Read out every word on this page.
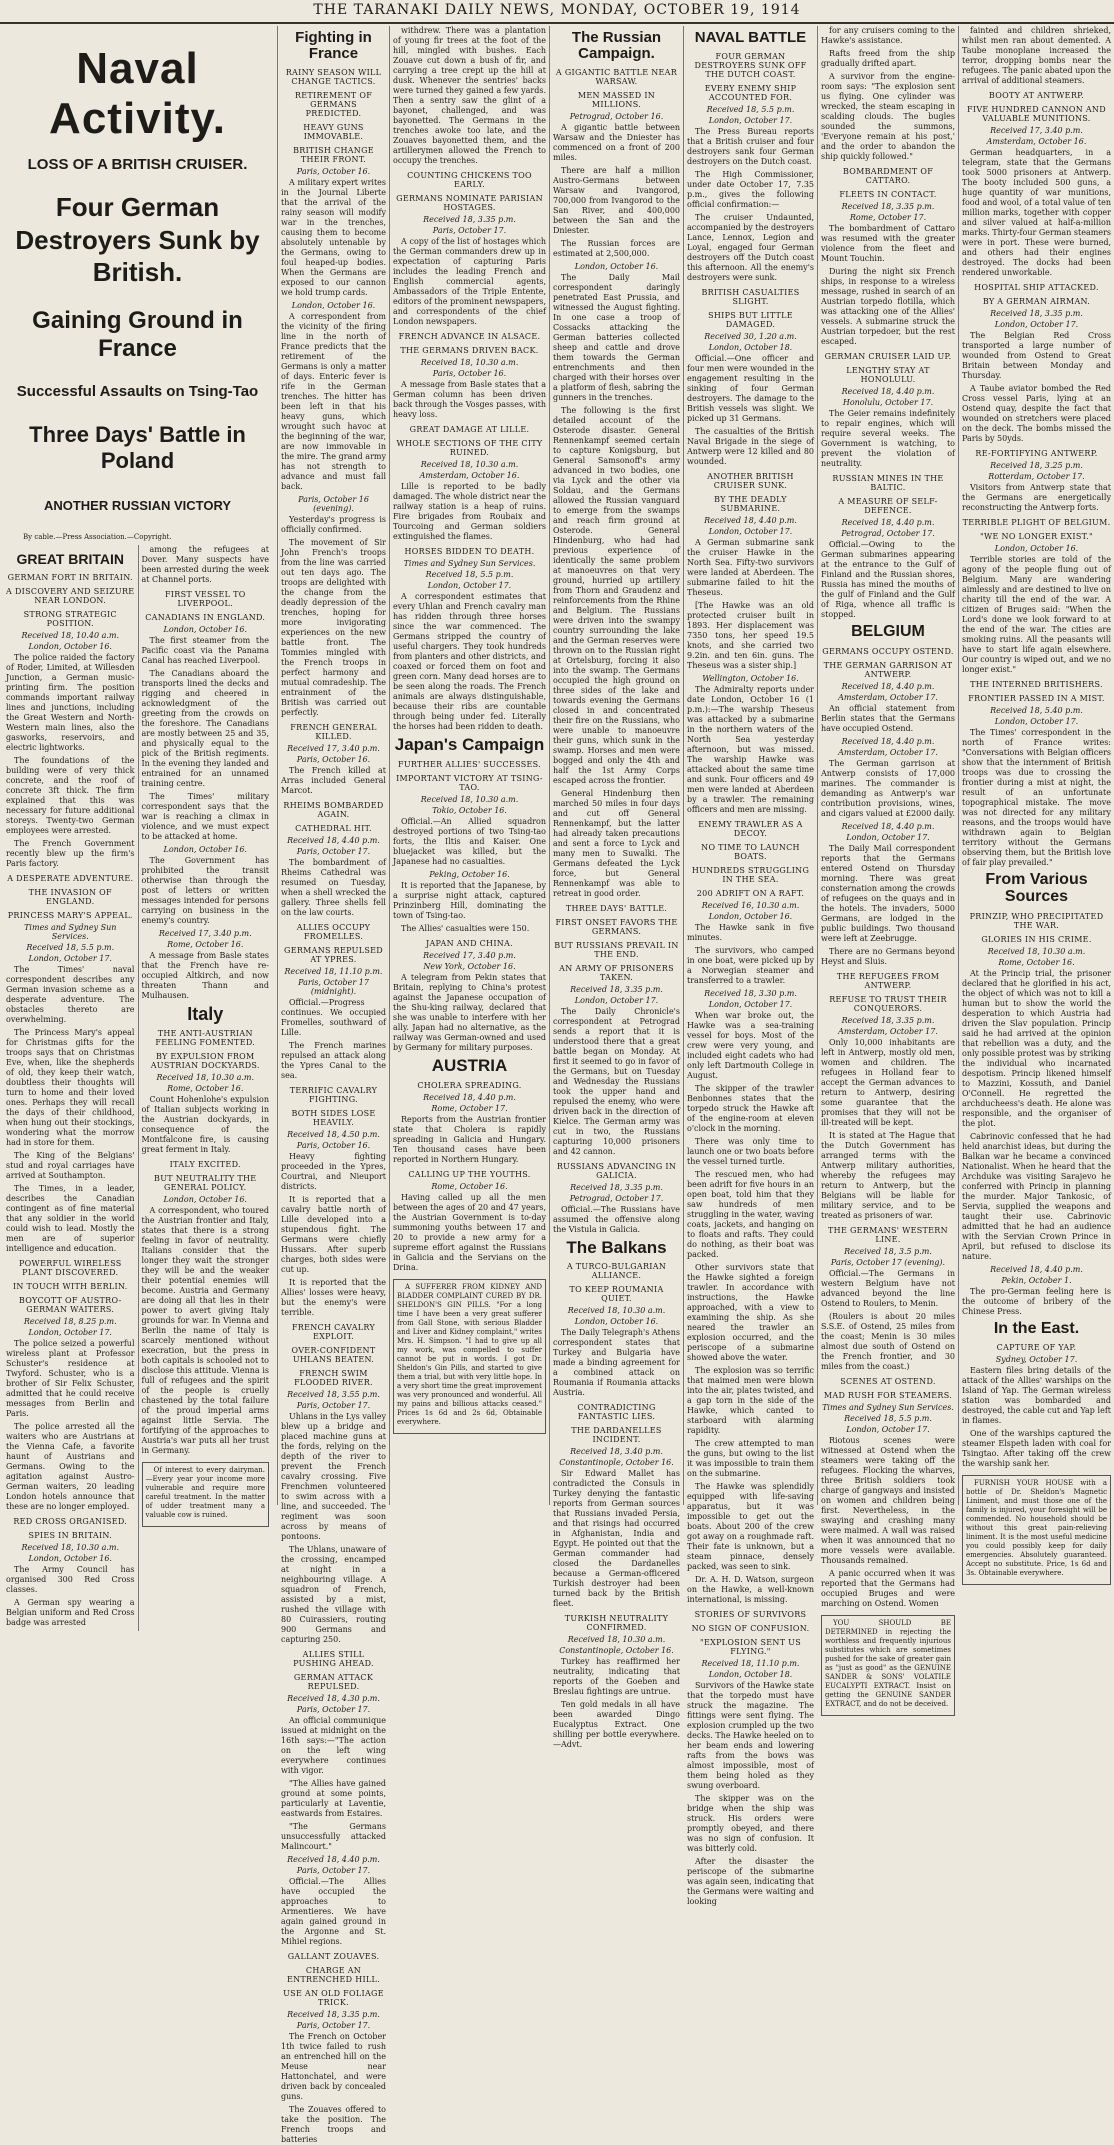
THE TARANAKI DAILY NEWS, MONDAY, OCTOBER 19, 1914
Naval Activity.
LOSS OF A BRITISH CRUISER.
Four German Destroyers Sunk by British.
Gaining Ground in France
Successful Assaults on Tsing-Tao
Three Days' Battle in Poland
ANOTHER RUSSIAN VICTORY
By cable.—Press Association.—Copyright.
GREAT BRITAIN
GERMAN FORT IN BRITAIN.
A DISCOVERY AND SEIZURE NEAR LONDON.
STRONG STRATEGIC POSITION.
Received 18, 10.40 a.m.
London, October 16.

The police raided the factory of Roder, Limited, at Willesden Junction, a German music-printing firm. The position commands important railway lines and junctions, including the Great Western and North-Western main lines, also the gasworks, reservoirs, and electric lightworks.

The foundations of the building were of very thick concrete, and the roof of concrete 3ft thick. The firm explained that this was necessary for future additional storeys. Twenty-two German employees were arrested.

The French Government recently blew up the firm's Paris factory.

A DESPERATE ADVENTURE.
THE INVASION OF ENGLAND.
PRINCESS MARY'S APPEAL.
Times and Sydney Sun Services.
Received 18, 5.5 p.m.
London, October 17.

The Times' naval correspondent describes any German invasion scheme as a desperate adventure. The obstacles thereto are overwhelming.

The Princess Mary's appeal for Christmas gifts for the troops says that on Christmas Eve, when, like the shepherds of old, they keep their watch, doubtless their thoughts will turn to home and their loved ones. Perhaps they will recall the days of their childhood, when hung out their stockings, wondering what the morrow had in store for them.

The King of the Belgians' stud and royal carriages have arrived at Southampton.

The Times, in a leader, describes the Canadian contingent as of fine material that any soldier in the world could wish to lead. Mostly the men are of superior intelligence and education.

POWERFUL WIRELESS PLANT DISCOVERED.
IN TOUCH WITH BERLIN.
BOYCOTT OF AUSTRO-GERMAN WAITERS.
Received 18, 8.25 p.m.
London, October 17.

The police seized a powerful wireless plant at Professor Schuster's residence at Twyford. Schuster, who is a brother of Sir Felix Schuster, admitted that he could receive messages from Berlin and Paris.

The police arrested all the waiters who are Austrians at the Vienna Cafe, a favorite haunt of Austrians and Germans. Owing to the agitation against Austro-German waiters, 20 leading London hotels announce that these are no longer employed.

RED CROSS ORGANISED.
SPIES IN BRITAIN.
Received 18, 10.30 a.m.
London, October 16.

The Army Council has organised 300 Red Cross classes.

A German spy wearing a Belgian uniform and Red Cross badge was arrested

among the refugees at Dover. Many suspects have been arrested during the week at Channel ports.

FIRST VESSEL TO LIVERPOOL.
CANADIANS IN ENGLAND.
London, October 16.

The first steamer from the Pacific coast via the Panama Canal has reached Liverpool.

The Canadians aboard the transports lined the decks and rigging and cheered in acknowledgment of the greeting from the crowds on the foreshore. The Canadians are mostly between 25 and 35, and physically equal to the pick of the British regiments. In the evening they landed and entrained for an unnamed training centre.

The Times' military correspondent says that the war is reaching a climax in violence, and we must expect to be attacked at home.

London, October 16.

The Government has prohibited the transit otherwise than through the post of letters or written messages intended for persons carrying on business in the enemy's country.

Received 17, 3.40 p.m.
Rome, October 16.

A message from Basle states that the French have re-occupied Altkirch, and now threaten Thann and Mulhausen.

Italy
THE ANTI-AUSTRIAN FEELING FOMENTED.
BY EXPULSION FROM AUSTRIAN DOCKYARDS.
Received 18, 10.30 a.m.
Rome, October 16.

Count Hohenlohe's expulsion of Italian subjects working in the Austrian dockyards, in consequence of the Montfalcone fire, is causing great ferment in Italy.

ITALY EXCITED.
BUT NEUTRALITY THE GENERAL POLICY.
London, October 16.

A correspondent, who toured the Austrian frontier and Italy, states that there is a strong feeling in favor of neutrality. Italians consider that the longer they wait the stronger they will be and the weaker their potential enemies will become. Austria and Germany are doing all that lies in their power to avert giving Italy grounds for war. In Vienna and Berlin the name of Italy is scarcely mentioned without execration, but the press in both capitals is schooled not to disclose this attitude. Vienna is full of refugees and the spirit of the people is cruelly chastened by the total failure of the proud imperial arms against little Servia. The fortifying of the approaches to Austria's war puts all her trust in Germany.

Of interest to every dairyman.—Every year your income more vulnerable and require more careful treatment. In the matter of udder treatment many a valuable cow is ruined.

Fighting in France
RAINY SEASON WILL CHANGE TACTICS.
RETIREMENT OF GERMANS PREDICTED.
HEAVY GUNS IMMOVABLE.
BRITISH CHANGE THEIR FRONT.
Paris, October 16.

A military expert writes in the Journal Liberte that the arrival of the rainy season will modify war in the trenches, causing them to become absolutely untenable by the Germans, owing to foul heaped-up bodies. When the Germans are exposed to our cannon we hold trump cards.

London, October 16.

A correspondent from the vicinity of the firing line in the north of France predicts that the retirement of the Germans is only a matter of days. Enteric fever is rife in the German trenches. The hitter has been left in that his heavy guns, which wrought such havoc at the beginning of the war, are now immovable in the mire. The grand army has not strength to advance and must fall back.

Paris, October 16 (evening).

Yesterday's progress is officially confirmed.

The movement of Sir John French's troops from the line was carried out ten days ago. The troops are delighted with the change from the deadly depression of the trenches, hoping for more invigorating experiences on the new battle front. The Tommies mingled with the French troops in perfect harmony and mutual comradeship. The entrainment of the British was carried out perfectly.

FRENCH GENERAL KILLED.
Received 17, 3.40 p.m.
Paris, October 16.

The French killed at Arras included General Marcot.

RHEIMS BOMBARDED AGAIN.
CATHEDRAL HIT.
Received 18, 4.40 p.m.
Paris, October 17.

The bombardment of Rheims Cathedral was resumed on Tuesday, when a shell wrecked the gallery. Three shells fell on the law courts.

ALLIES OCCUPY FROMELLES.
GERMANS REPULSED AT YPRES.
Received 18, 11.10 p.m.
Paris, October 17 (midnight).

Official.—Progress continues. We occupied Fromelles, southward of Lille.

The French marines repulsed an attack along the Ypres Canal to the sea.

TERRIFIC CAVALRY FIGHTING.
BOTH SIDES LOSE HEAVILY.
Received 18, 4.50 p.m.
Paris, October 16.

Heavy fighting proceeded in the Ypres, Courtrai, and Nieuport districts.

It is reported that a cavalry battle north of Lille developed into a stupendous fight. The Germans were chiefly Hussars. After superb charges, both sides were cut up.

It is reported that the Allies' losses were heavy, but the enemy's were terrible.

FRENCH CAVALRY EXPLOIT.
OVER-CONFIDENT UHLANS BEATEN.
FRENCH SWIM FLOODED RIVER.
Received 18, 3.55 p.m.
Paris, October 17.

Uhlans in the Lys valley blew up a bridge and placed machine guns at the fords, relying on the depth of the river to prevent the French cavalry crossing. Five Frenchmen volunteered to swim across with a line, and succeeded. The regiment was soon across by means of pontoons.

The Uhlans, unaware of the crossing, encamped at night in a neighbouring village. A squadron of French, assisted by a mist, rushed the village with 80 Cuirassiers, routing 900 Germans and capturing 250.

ALLIES STILL PUSHING AHEAD.
GERMAN ATTACK REPULSED.
Received 18, 4.30 p.m.
Paris, October 17.

An official communique issued at midnight on the 16th says:—"The action on the left wing everywhere continues with vigor.

"The Allies have gained ground at some points, particularly at Laventie, eastwards from Estaires.

"The Germans unsuccessfully attacked Malincourt."

Received 18, 4.40 p.m.
Paris, October 17.

Official.—The Allies have occupied the approaches to Armentieres. We have again gained ground in the Argonne and St. Mihiel regions.

GALLANT ZOUAVES.
CHARGE AN ENTRENCHED HILL.
USE AN OLD FOLIAGE TRICK.
Received 18, 3.35 p.m.
Paris, October 17.

The French on October 1th twice failed to rush an entrenched hill on the Meuse near Hattonchatel, and were driven back by concealed guns.

The Zouaves offered to take the position. The French troops and batteries

withdrew. There was a plantation of young fir trees at the foot of the hill, mingled with bushes. Each Zouave cut down a bush of fir, and carrying a tree crept up the hill at dusk. Whenever the sentries' backs were turned they gained a few yards. Then a sentry saw the glint of a bayonet, challenged, and was bayonetted. The Germans in the trenches awoke too late, and the Zouaves bayonetted them, and the artillerymen allowed the French to occupy the trenches.

COUNTING CHICKENS TOO EARLY.
GERMANS NOMINATE PARISIAN HOSTAGES.
Received 18, 3.35 p.m.
Paris, October 17.

A copy of the list of hostages which the German commanders drew up in expectation of capturing Paris includes the leading French and English commercial agents, Ambassadors of the Triple Entente, editors of the prominent newspapers, and correspondents of the chief London newspapers.

FRENCH ADVANCE IN ALSACE.
THE GERMANS DRIVEN BACK.
Received 18, 10.30 a.m.
Paris, October 16.

A message from Basle states that a German column has been driven back through the Vosges passes, with heavy loss.

GREAT DAMAGE AT LILLE.
WHOLE SECTIONS OF THE CITY RUINED.
Received 18, 10.30 a.m.
Amsterdam, October 16.

Lille is reported to be badly damaged. The whole district near the railway station is a heap of ruins. Fire brigades from Roubaix and Tourcoing and German soldiers extinguished the flames.

HORSES BIDDEN TO DEATH.
Times and Sydney Sun Services.
Received 18, 5.5 p.m.
London, October 17.

A correspondent estimates that every Uhlan and French cavalry man has ridden through three horses since the war commenced. The Germans stripped the country of useful chargers. They took hundreds from planters and other districts, and coaxed or forced them on foot and green corn. Many dead horses are to be seen along the roads. The French animals are always distinguishable, because their ribs are countable through being under fed. Literally the horses had been ridden to death.

Japan's Campaign
FURTHER ALLIES' SUCCESSES.
IMPORTANT VICTORY AT TSING-TAO.
Received 18, 10.30 a.m.
Tokio, October 16.

Official.—An Allied squadron destroyed portions of two Tsing-tao forts, the Iltis and Kaiser. One bluejacket was killed, but the Japanese had no casualties.

Peking, October 16.

It is reported that the Japanese, by a surprise night attack, captured Prinzinberg Hill, dominating the town of Tsing-tao.

The Allies' casualties were 150.

JAPAN AND CHINA.
Received 17, 3.40 p.m.
New York, October 16.

A telegram from Pekin states that Britain, replying to China's protest against the Japanese occupation of the Shu-king railway, declared that she was unable to interfere with her ally. Japan had no alternative, as the railway was German-owned and used by Germany for military purposes.

AUSTRIA
CHOLERA SPREADING.
Received 18, 4.40 p.m.
Rome, October 17.

Reports from the Austrian frontier state that Cholera is rapidly spreading in Galicia and Hungary. Ten thousand cases have been reported in Northern Hungary.

CALLING UP THE YOUTHS.
Rome, October 16.

Having called up all the men between the ages of 20 and 47 years, the Austrian Government is to-day summoning youths between 17 and 20 to provide a new army for a supreme effort against the Russians in Galicia and the Servians on the Drina.

A SUFFERER FROM KIDNEY AND BLADDER COMPLAINT CURED BY DR. SHELDON'S GIN PILLS. "For a long time I have been a very great sufferer from Gall Stone, with serious Bladder and Liver and Kidney complaint," writes Mrs. H. Simpson. "I had to give up all my work, was compelled to suffer cannot be put in words. I got Dr. Sheldon's Gin Pills, and started to give them a trial, but with very little hope. In a very short time the great improvement was very pronounced and wonderful. All my pains and billious attacks ceased." Prices 1s 6d and 2s 6d, Obtainable everywhere.

The Russian Campaign.
A GIGANTIC BATTLE NEAR WARSAW.
MEN MASSED IN MILLIONS.
Petrograd, October 16.

A gigantic battle between Warsaw and the Dniester has commenced on a front of 200 miles.

There are half a million Austro-Germans between Warsaw and Ivangorod, 700,000 from Ivangorod to the San River, and 400,000 between the San and the Dniester.

The Russian forces are estimated at 2,500,000.

London, October 16.

The Daily Mail correspondent daringly penetrated East Prussia, and witnessed the August fighting. In one case a troop of Cossacks attacking the German batteries collected sheep and cattle and drove them towards the German entrenchments and then charged with their horses over a platform of flesh, sabring the gunners in the trenches.

The following is the first detailed account of the Osterode disaster. General Rennenkampf seemed certain to capture Konigsburg, but General Samsonoff's army advanced in two bodies, one via Lyck and the other via Soldau, and the Germans allowed the Russian vanguard to emerge from the swamps and reach firm ground at Osterode. General Hindenburg, who had had previous experience of identically the same problem at manoeuvres on that very ground, hurried up artillery from Thorn and Graudenz and reinforcements from the Rhine and Belgium. The Russians were driven into the swampy country surrounding the lake and the German reserves were thrown on to the Russian right at Ortelsburg, forcing it also into the swamp. The Germans occupied the high ground on three sides of the lake and towards evening the Germans closed in and concentrated their fire on the Russians, who were unable to manoeuvre their guns, which sunk in the swamp. Horses and men were bogged and only the 4th and half the 1st Army Corps escaped across the frontier.

General Hindenburg then marched 50 miles in four days and cut off General Rennenkampf, but the latter had already taken precautions and sent a force to Lyck and many men to Suwalki. The Germans defeated the Lyck force, but General Rennenkampf was able to retreat in good order.

THREE DAYS' BATTLE.
FIRST ONSET FAVORS THE GERMANS.
BUT RUSSIANS PREVAIL IN THE END.
AN ARMY OF PRISONERS TAKEN.
Received 18, 3.35 p.m.
London, October 17.

The Daily Chronicle's correspondent at Petrograd sends a report that it is understood there that a great battle began on Monday. At first it seemed to go in favor of the Germans, but on Tuesday and Wednesday the Russians took the upper hand and repulsed the enemy, who were driven back in the direction of Kielce. The German army was cut in two, the Russians capturing 10,000 prisoners and 42 cannon.

RUSSIANS ADVANCING IN GALICIA.
Received 18, 3.35 p.m.
Petrograd, October 17.

Official.—The Russians have assumed the offensive along the Vistula in Galicia.

The Balkans
A TURCO-BULGARIAN ALLIANCE.
TO KEEP ROUMANIA QUIET.
Received 18, 10.30 a.m.
London, October 16.

The Daily Telegraph's Athens correspondent states that Turkey and Bulgaria have made a binding agreement for a combined attack on Roumania if Roumania attacks Austria.

CONTRADICTING FANTASTIC LIES.
THE DARDANELLES INCIDENT.
Received 18, 3.40 p.m.
Constantinople, October 16.

Sir Edward Mallet has contradicted the Consuls in Turkey denying the fantastic reports from German sources that Russians invaded Persia, and that risings had occurred in Afghanistan, India and Egypt. He pointed out that the German commander had closed the Dardanelles because a German-officered Turkish destroyer had been turned back by the British fleet.

TURKISH NEUTRALITY CONFIRMED.
Received 18, 10.30 a.m.
Constantinople, October 16.

Turkey has reaffirmed her neutrality, indicating that reports of the Goeben and Breslau fightings are untrue.

Ten gold medals in all have been awarded Dingo Eucalyptus Extract. One shilling per bottle everywhere.—Advt.

NAVAL BATTLE
FOUR GERMAN DESTROYERS SUNK OFF THE DUTCH COAST.
EVERY ENEMY SHIP ACCOUNTED FOR.
Received 18, 5.5 p.m.
London, October 17.

The Press Bureau reports that a British cruiser and four destroyers sank four German destroyers on the Dutch coast.

The High Commissioner, under date October 17, 7.35 p.m., gives the following official confirmation:—

The cruiser Undaunted, accompanied by the destroyers Lance, Lennox, Legion and Loyal, engaged four German destroyers off the Dutch coast this afternoon. All the enemy's destroyers were sunk.

BRITISH CASUALTIES SLIGHT.
SHIPS BUT LITTLE DAMAGED.
Received 30, 1.20 a.m.
London, October 18.

Official.—One officer and four men were wounded in the engagement resulting in the sinking of four German destroyers. The damage to the British vessels was slight. We picked up 31 Germans.

The casualties of the British Naval Brigade in the siege of Antwerp were 12 killed and 80 wounded.

ANOTHER BRITISH CRUISER SUNK.
BY THE DEADLY SUBMARINE.
Received 18, 4.40 p.m.
London, October 17.

A German submarine sank the cruiser Hawke in the North Sea. Fifty-two survivors were landed at Aberdeen. The submarine failed to hit the Theseus.

[The Hawke was an old protected cruiser built in 1893. Her displacement was 7350 tons, her speed 19.5 knots, and she carried two 9.2in. and ten 6in. guns. The Theseus was a sister ship.]

Wellington, October 16.

The Admiralty reports under date London, October 16 (1 p.m.):—The warship Theseus was attacked by a submarine in the northern waters of the North Sea yesterday afternoon, but was missed. The warship Hawke was attacked about the same time and sunk. Four officers and 49 men were landed at Aberdeen by a trawler. The remaining officers and men are missing.

ENEMY TRAWLER AS A DECOY.
NO TIME TO LAUNCH BOATS.
HUNDREDS STRUGGLING IN THE SEA.
200 ADRIFT ON A RAFT.
Received 16, 10.30 a.m.
London, October 16.

The Hawke sank in five minutes.

The survivors, who camped in one boat, were picked up by a Norwegian steamer and transferred to a trawler.

Received 18, 3.30 p.m.
London, October 17.

When war broke out, the Hawke was a sea-training vessel for boys. Most of the crew were very young, and included eight cadets who had only left Dartmouth College in August.

The skipper of the trawler Benbonnes states that the torpedo struck the Hawke aft of the engine-room at eleven o'clock in the morning.

There was only time to launch one or two boats before the vessel turned turtle.

The rescued men, who had been adrift for five hours in an open boat, told him that they saw hundreds of men struggling in the water, waving coats, jackets, and hanging on to floats and rafts. They could do nothing, as their boat was packed.

Other survivors state that the Hawke sighted a foreign trawler. In accordance with instructions, the Hawke approached, with a view to examining the ship. As she neared the trawler an explosion occurred, and the periscope of a submarine showed above the water.

The explosion was so terrific that maimed men were blown into the air, plates twisted, and a gap torn in the side of the Hawke, which canted to starboard with alarming rapidity.

The crew attempted to man the guns, but owing to the list it was impossible to train them on the submarine.

The Hawke was splendidly equipped with life-saving apparatus, but it was impossible to get out the boats. About 200 of the crew got away on a roughmade raft. Their fate is unknown, but a steam pinnace, densely packed, was seen to sink.

Dr. A. H. D. Watson, surgeon on the Hawke, a well-known international, is missing.

STORIES OF SURVIVORS
NO SIGN OF CONFUSION.
"EXPLOSION SENT US FLYING."
Received 18, 11.10 p.m.
London, October 18.

Survivors of the Hawke state that the torpedo must have struck the magazine. The fittings were sent flying. The explosion crumpled up the two decks. The Hawke heeled on to her beam ends and lowering rafts from the bows was almost impossible, most of them being holed as they swung overboard.

The skipper was on the bridge when the ship was struck. His orders were promptly obeyed, and there was no sign of confusion. It was bitterly cold.

After the disaster the periscope of the submarine was again seen, indicating that the Germans were waiting and looking

for any cruisers coming to the Hawke's assistance.

Rafts freed from the ship gradually drifted apart.

A survivor from the engine-room says: "The explosion sent us flying. One cylinder was wrecked, the steam escaping in scalding clouds. The bugles sounded the summons, 'Everyone remain at his post,' and the order to abandon the ship quickly followed."

BOMBARDMENT OF CATTARO.
FLEETS IN CONTACT.
Received 18, 3.35 p.m.
Rome, October 17.

The bombardment of Cattaro was resumed with the greater violence from the fleet and Mount Touchin.

During the night six French ships, in response to a wireless message, rushed in search of an Austrian torpedo flotilla, which was attacking one of the Allies' vessels. A submarine struck the Austrian torpedoer, but the rest escaped.

GERMAN CRUISER LAID UP.
LENGTHY STAY AT HONOLULU.
Received 18, 4.40 p.m.
Honolulu, October 17.

The Geier remains indefinitely to repair engines, which will require several weeks. The Government is watching, to prevent the violation of neutrality.

RUSSIAN MINES IN THE BALTIC.
A MEASURE OF SELF-DEFENCE.
Received 18, 4.40 p.m.
Petrograd, October 17.

Official.—Owing to the German submarines appearing at the entrance to the Gulf of Finland and the Russian shores, Russia has mined the mouths of the gulf of Finland and the Gulf of Riga, whence all traffic is stopped.

BELGIUM
GERMANS OCCUPY OSTEND.
THE GERMAN GARRISON AT ANTWERP.
Received 18, 4.40 p.m.
Amsterdam, October 17.

An official statement from Berlin states that the Germans have occupied Ostend.

Received 18, 4.40 p.m.
Amsterdam, October 17.

The German garrison at Antwerp consists of 17,000 marines. The commander is demanding as Antwerp's war contribution provisions, wines, and cigars valued at £2000 daily.

Received 18, 4.40 p.m.
London, October 17.

The Daily Mail correspondent reports that the Germans entered Ostend on Thursday morning. There was great consternation among the crowds of refugees on the quays and in the hotels. The invaders, 5000 Germans, are lodged in the public buildings. Two thousand were left at Zeebrugge.

There are no Germans beyond Heyst and Sluis.

THE REFUGEES FROM ANTWERP.
REFUSE TO TRUST THEIR CONQUERORS.
Received 18, 3.35 p.m.
Amsterdam, October 17.

Only 10,000 inhabitants are left in Antwerp, mostly old men, women and children. The refugees in Holland fear to accept the German advances to return to Antwerp, desiring some guarantee that the promises that they will not be ill-treated will be kept.

It is stated at The Hague that the Dutch Government has arranged terms with the Antwerp military authorities, whereby the refugees may return to Antwerp, but the Belgians will be liable for military service, and to be treated as prisoners of war.

THE GERMANS' WESTERN LINE.
Received 18, 3.5 p.m.
Paris, October 17 (evening).

Official.—The Germans in western Belgium have not advanced beyond the line Ostend to Roulers, to Menin.

(Roulers is about 20 miles S.S.E. of Ostend, 25 miles from the coast; Menin is 30 miles almost due south of Ostend on the French frontier, and 30 miles from the coast.)

SCENES AT OSTEND.
MAD RUSH FOR STEAMERS.
Times and Sydney Sun Services.
Received 18, 5.5 p.m.
London, October 17.

Riotous scenes were witnessed at Ostend when the steamers were taking off the refugees. Flocking the wharves, three British soldiers took charge of gangways and insisted on women and children being first. Nevertheless, in the swaying and crashing many were maimed. A wall was raised when it was announced that no more vessels were available. Thousands remained.

A panic occurred when it was reported that the Germans had occupied Bruges and were marching on Ostend. Women

YOU SHOULD BE DETERMINED in rejecting the worthless and frequently injurious substitutes which are sometimes pushed for the sake of greater gain as "just as good" as the GENUINE SANDER & SONS' VOLATILE EUCALYPTI EXTRACT. Insist on getting the GENUINE SANDER EXTRACT, and do not be deceived.

fainted and children shrieked, whilst men ran about demented. A Taube monoplane increased the terror, dropping bombs near the refugees. The panic abated upon the arrival of additional steamers.

BOOTY AT ANTWERP.
FIVE HUNDRED CANNON AND VALUABLE MUNITIONS.
Received 17, 3.40 p.m.
Amsterdam, October 16.

German headquarters, in a telegram, state that the Germans took 5000 prisoners at Antwerp. The booty included 500 guns, a huge quantity of war munitions, food and wool, of a total value of ten million marks, together with copper and silver valued at half-a-million marks. Thirty-four German steamers were in port. These were burned, and others had their engines destroyed. The docks had been rendered unworkable.

HOSPITAL SHIP ATTACKED.
BY A GERMAN AIRMAN.
Received 18, 3.35 p.m.
London, October 17.

The Belgian Red Cross transported a large number of wounded from Ostend to Great Britain between Monday and Thursday.

A Taube aviator bombed the Red Cross vessel Paris, lying at an Ostend quay, despite the fact that wounded on stretchers were placed on the deck. The bombs missed the Paris by 50yds.

RE-FORTIFYING ANTWERP.
Received 18, 3.25 p.m.
Rotterdam, October 17.

Visitors from Antwerp state that the Germans are energetically reconstructing the Antwerp forts.

TERRIBLE PLIGHT OF BELGIUM.
"WE NO LONGER EXIST."
London, October 16.

Terrible stories are told of the agony of the people flung out of Belgium. Many are wandering aimlessly and are destined to live on charity till the end of the war. A citizen of Bruges said: "When the Lord's done we look forward to at the end of the war. The cities are smoking ruins. All the peasants will have to start life again elsewhere. Our country is wiped out, and we no longer exist."

THE INTERNED BRITISHERS.
FRONTIER PASSED IN A MIST.
Received 18, 5.40 p.m.
London, October 17.

The Times' correspondent in the north of France writes: "Conversations with Belgian officers show that the internment of British troops was due to crossing the frontier during a mist at night, the result of an unfortunate topographical mistake. The move was not directed for any military reasons, and the troops would have withdrawn again to Belgian territory without the Germans observing them, but the British love of fair play prevailed."

From Various Sources
PRINZIP, WHO PRECIPITATED THE WAR.
GLORIES IN HIS CRIME.
Received 18, 10.30 a.m.
Rome, October 16.

At the Princip trial, the prisoner declared that he glorified in his act, the object of which was not to kill a human but to show the world the desperation to which Austria had driven the Slav population. Princip said he had arrived at the opinion that rebellion was a duty, and the only possible protest was by striking the individual who incarnated despotism. Princip likened himself to Mazzini, Kossuth, and Daniel O'Connell. He regretted the archducheess's death. He alone was responsible, and the organiser of the plot.

Cabrinovic confessed that he had held anarchist ideas, but during the Balkan war he became a convinced Nationalist. When he heard that the Archduke was visiting Sarajevo he conferred with Princip in planning the murder. Major Tankosic, of Servia, supplied the weapons and taught their use. Cabrinovic admitted that he had an audience with the Servian Crown Prince in April, but refused to disclose its nature.

Received 18, 4.40 p.m.
Pekin, October 1.

The pro-German feeling here is the outcome of bribery of the Chinese Press.

In the East.
CAPTURE OF YAP.
Sydney, October 17.

Eastern files bring details of the attack of the Allies' warships on the Island of Yap. The German wireless station was bombarded and destroyed, the cable cut and Yap left in flames.

One of the warships captured the steamer Elspeth laden with coal for Tsingtao. After taking off the crew the warship sank her.

FURNISH YOUR HOUSE with a bottle of Dr. Sheldon's Magnetic Liniment, and must those one of the family is injured, your foresight will be commended. No household should be without this great pain-relieving liniment. It is the most useful medicine you could possibly keep for daily emergencies. Absolutely guaranteed. Accept no substitute. Price, 1s 6d and 3s. Obtainable everywhere.
